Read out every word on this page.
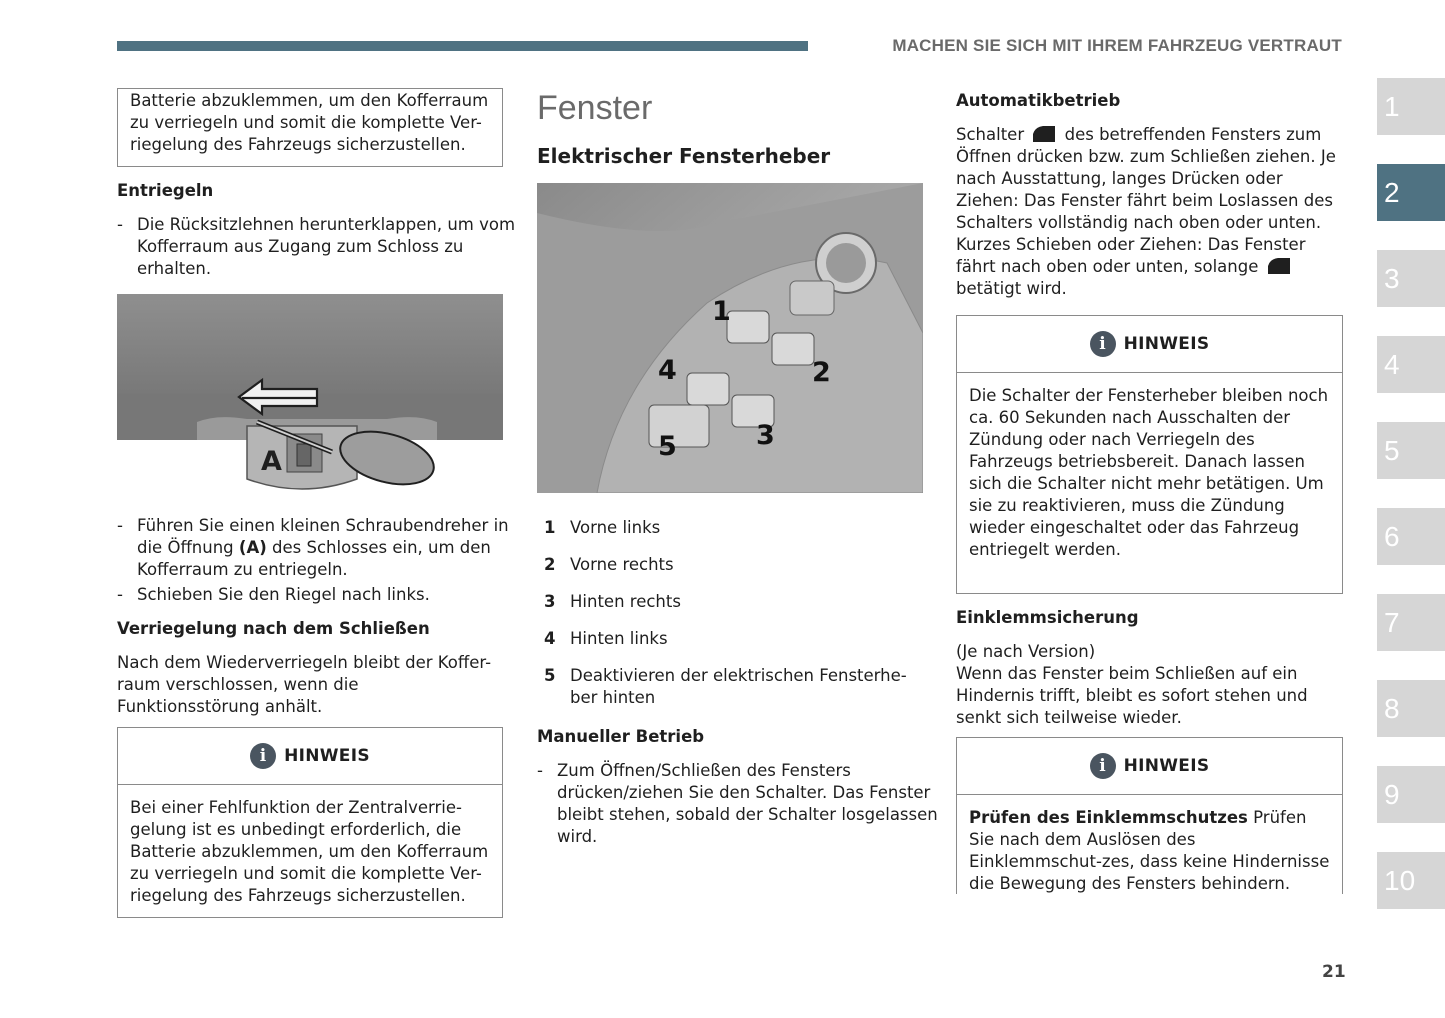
MACHEN SIE SICH MIT IHREM FAHRZEUG VERTRAUT

Batterie abzuklemmen, um den Kofferraum zu verriegeln und somit die komplette Ver-riegelung des Fahrzeugs sicherzustellen.

Entriegeln

- Die Rücksitzlehnen herunterklappen, um vom Kofferraum aus Zugang zum Schloss zu erhalten.
A
- Führen Sie einen kleinen Schraubendreher in die Öffnung (A) des Schlosses ein, um den Kofferraum zu entriegeln.
- Schieben Sie den Riegel nach links.

Verriegelung nach dem Schließen

Nach dem Wiederverriegeln bleibt der Koffer-raum verschlossen, wenn die Funktionsstörung anhält.

i	HINWEIS

Bei einer Fehlfunktion der Zentralverrie-gelung ist es unbedingt erforderlich, die Batterie abzuklemmen, um den Kofferraum zu verriegeln und somit die komplette Ver-riegelung des Fahrzeugs sicherzustellen.

Fenster

Elektrischer Fensterheber

1
2
3
4
5
1 Vorne links
2 Vorne rechts
3 Hinten rechts
4 Hinten links
5 Deaktivieren der elektrischen Fensterhe-ber hinten

Manueller Betrieb

- Zum Öffnen/Schließen des Fensters drücken/ziehen Sie den Schalter. Das Fenster bleibt stehen, sobald der Schalter losgelassen wird.

Automatikbetrieb

Schalter des betreffenden Fensters zum Öffnen drücken bzw. zum Schließen ziehen. Je nach Ausstattung, langes Drücken oder Ziehen: Das Fenster fährt beim Loslassen des Schalters vollständig nach oben oder unten. Kurzes Schieben oder Ziehen: Das Fenster fährt nach oben oder unten, solange  betätigt wird.

i	HINWEIS

Die Schalter der Fensterheber bleiben noch ca. 60 Sekunden nach Ausschalten der Zündung oder nach Verriegeln des Fahrzeugs betriebsbereit. Danach lassen sich die Schalter nicht mehr betätigen. Um sie zu reaktivieren, muss die Zündung wieder eingeschaltet oder das Fahrzeug entriegelt werden.

Einklemmsicherung

(Je nach Version)

Wenn das Fenster beim Schließen auf ein Hindernis trifft, bleibt es sofort stehen und senkt sich teilweise wieder.

i	HINWEIS

Prüfen des Einklemmschutzes Prüfen Sie nach dem Auslösen des Einklemmschut-zes, dass keine Hindernisse die Bewegung des Fensters behindern.

1
2
3
4
5
6
7
8
9
10
21
